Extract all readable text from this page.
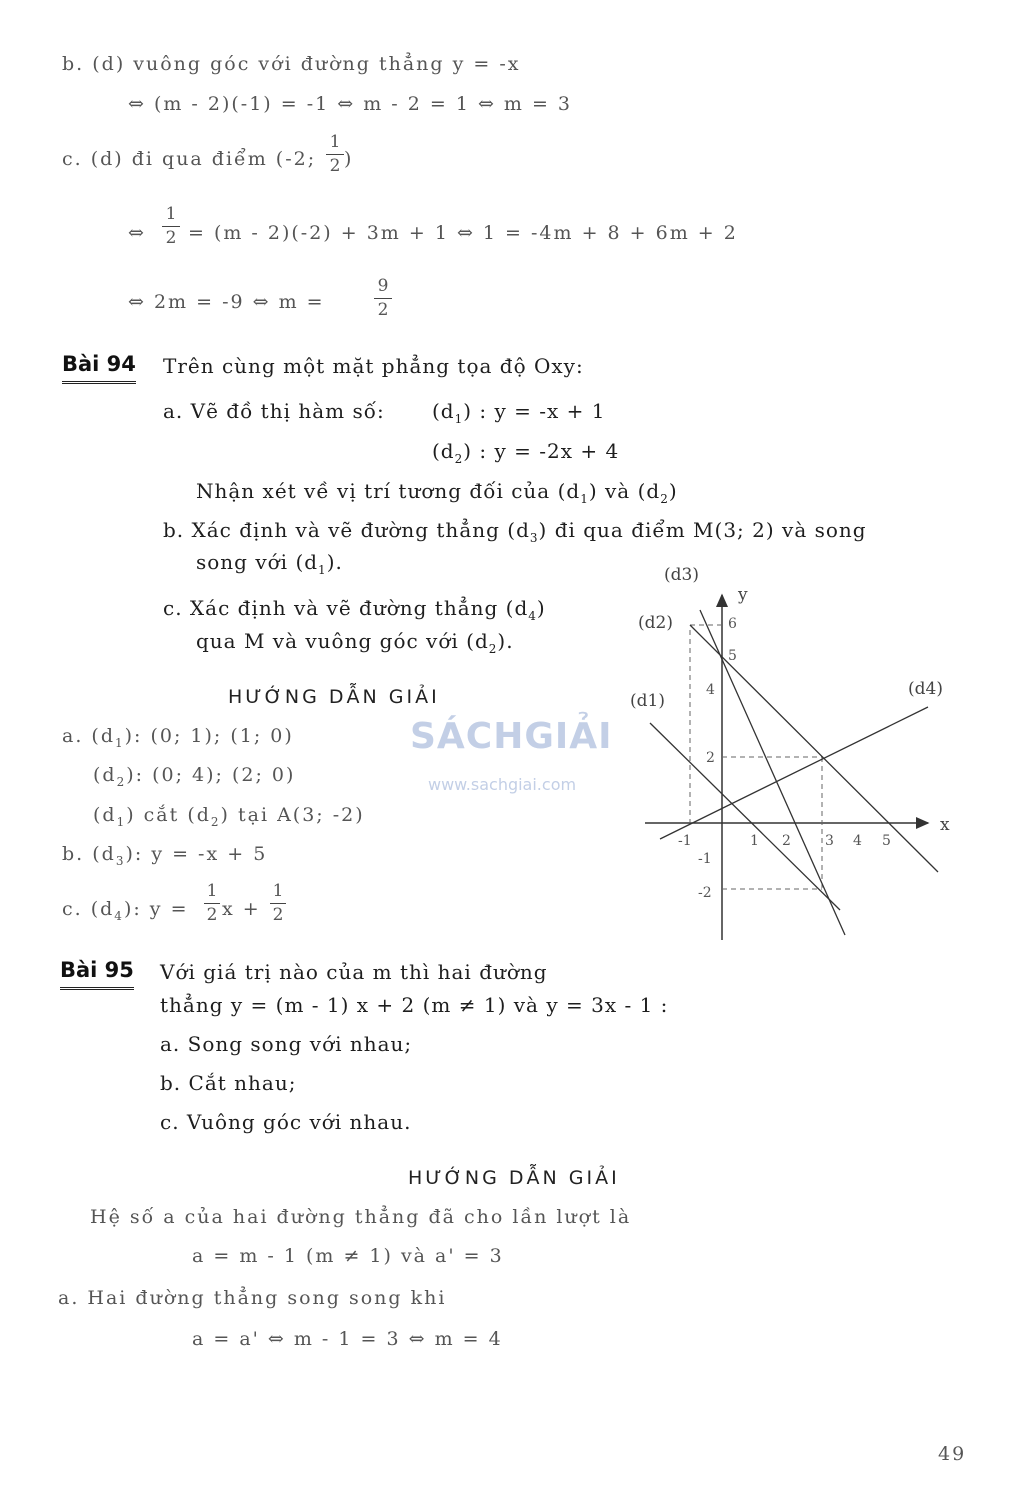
b. (d) vuông góc với đường thẳng y = -x
⇔ (m - 2)(-1) = -1 ⇔ m - 2 = 1 ⇔ m = 3
c. (d) đi qua điểm (-2;
1
2 )
⇔
1
2 = (m - 2)(-2) + 3m + 1 ⇔ 1 = -4m + 8 + 6m + 2
⇔ 2m = -9 ⇔ m =
9
2
Bài 94 Trên cùng một mặt phẳng tọa độ Oxy:
a. Vẽ đồ thị hàm số: $(d_1)$ : y = -x + 1
$(d_2)$ : y = -2x + 4
Nhận xét về vị trí tương đối của $(d_1)$ và $(d_2)$
b. Xác định và vẽ đường thẳng $(d_3)$ đi qua điểm M(3; 2) và song
song với $(d_1)$.
c. Xác định và vẽ đường thẳng $(d_4)$
qua M và vuông góc với $(d_2)$.
HƯỚNG DẪN GIẢI
a. $(d_1)$: (0; 1); (1; 0)
$(d_2)$: (0; 4); (2; 0)
$(d_1)$ cắt $(d_2)$ tại A(3; -2)
b. $(d_3)$: y = -x + 5
c. $(d_4)$: y =
1
2 x +
1
2
SÁCHGIẢI
www.sachgiai.com
(d3)
(d2)
(d1)
(d4)
x
y
6
5
4
2
-1
-2
-1	1 2 3 4 5
Bài 95 Với giá trị nào của m thì hai đường
thẳng y = (m - 1) x + 2 (m ≠ 1) và y = 3x - 1 :
a. Song song với nhau;
b. Cắt nhau;
c. Vuông góc với nhau.
HƯỚNG DẪN GIẢI
Hệ số a của hai đường thẳng đã cho lần lượt là
a = m - 1 (m ≠ 1) và a' = 3
a. Hai đường thẳng song song khi
a = a' ⇔ m - 1 = 3 ⇔ m = 4
49
